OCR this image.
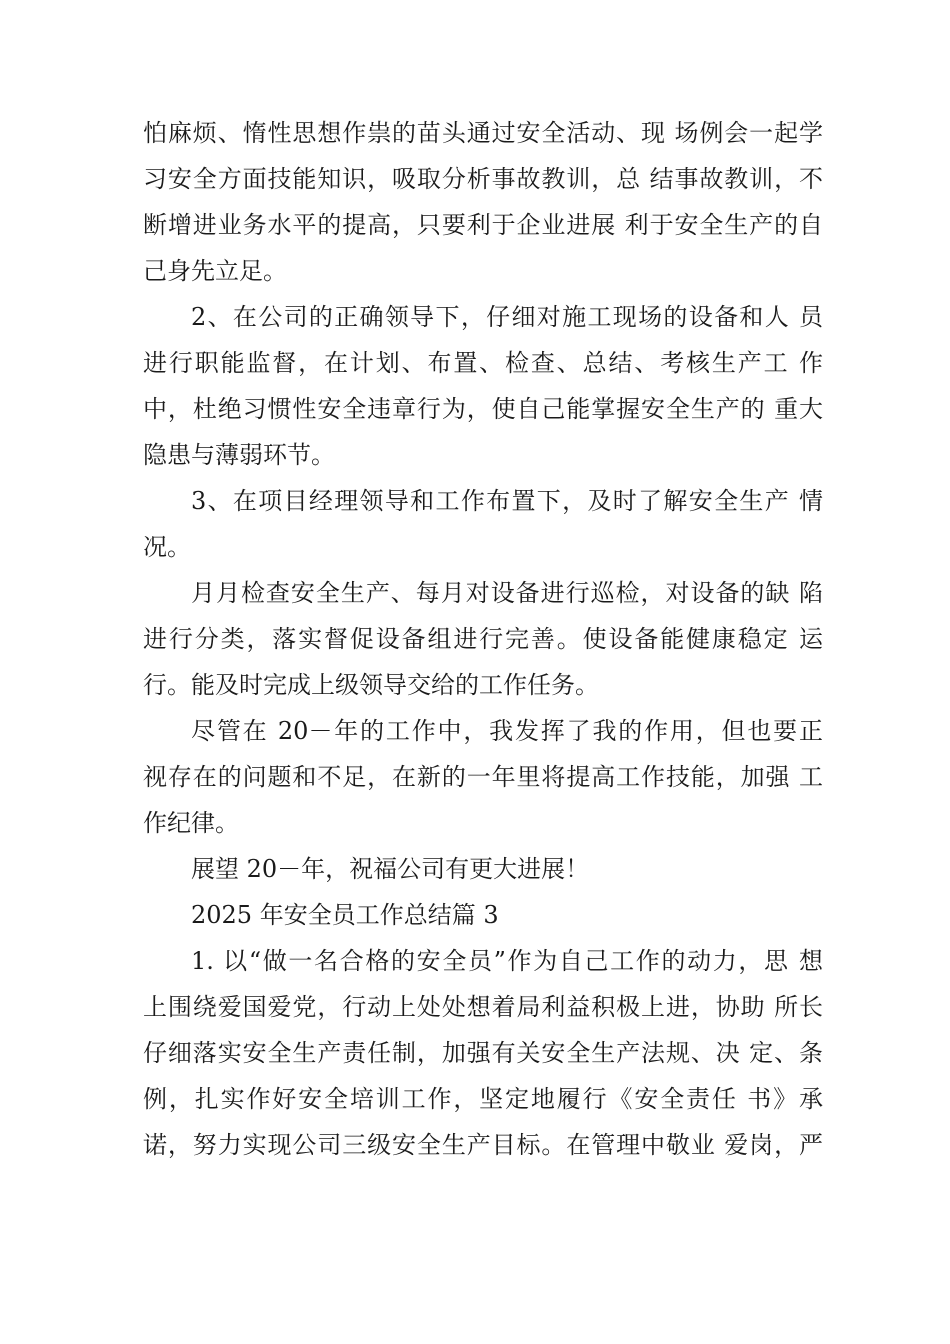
怕麻烦、惰性思想作祟的苗头通过安全活动、现 场例会一起学
习安全方面技能知识，吸取分析事故教训，总 结事故教训，不
断增进业务水平的提高，只要利于企业进展 利于安全生产的自
己身先立足。

2、在公司的正确领导下，仔细对施工现场的设备和人 员
进行职能监督，在计划、布置、检查、总结、考核生产工 作
中，杜绝习惯性安全违章行为，使自己能掌握安全生产的 重大
隐患与薄弱环节。

3、在项目经理领导和工作布置下，及时了解安全生产 情
况。

月月检查安全生产、每月对设备进行巡检，对设备的缺 陷
进行分类，落实督促设备组进行完善。使设备能健康稳定 运
行。能及时完成上级领导交给的工作任务。

尽管在 20－年的工作中，我发挥了我的作用，但也要正
视存在的问题和不足，在新的一年里将提高工作技能，加强 工
作纪律。

展望 20－年，祝福公司有更大进展！

2025 年安全员工作总结篇 3

1. 以“做一名合格的安全员”作为自己工作的动力，思 想
上围绕爱国爱党，行动上处处想着局利益积极上进，协助 所长
仔细落实安全生产责任制，加强有关安全生产法规、决 定、条
例，扎实作好安全培训工作，坚定地履行《安全责任 书》承
诺，努力实现公司三级安全生产目标。在管理中敬业 爱岗，严
